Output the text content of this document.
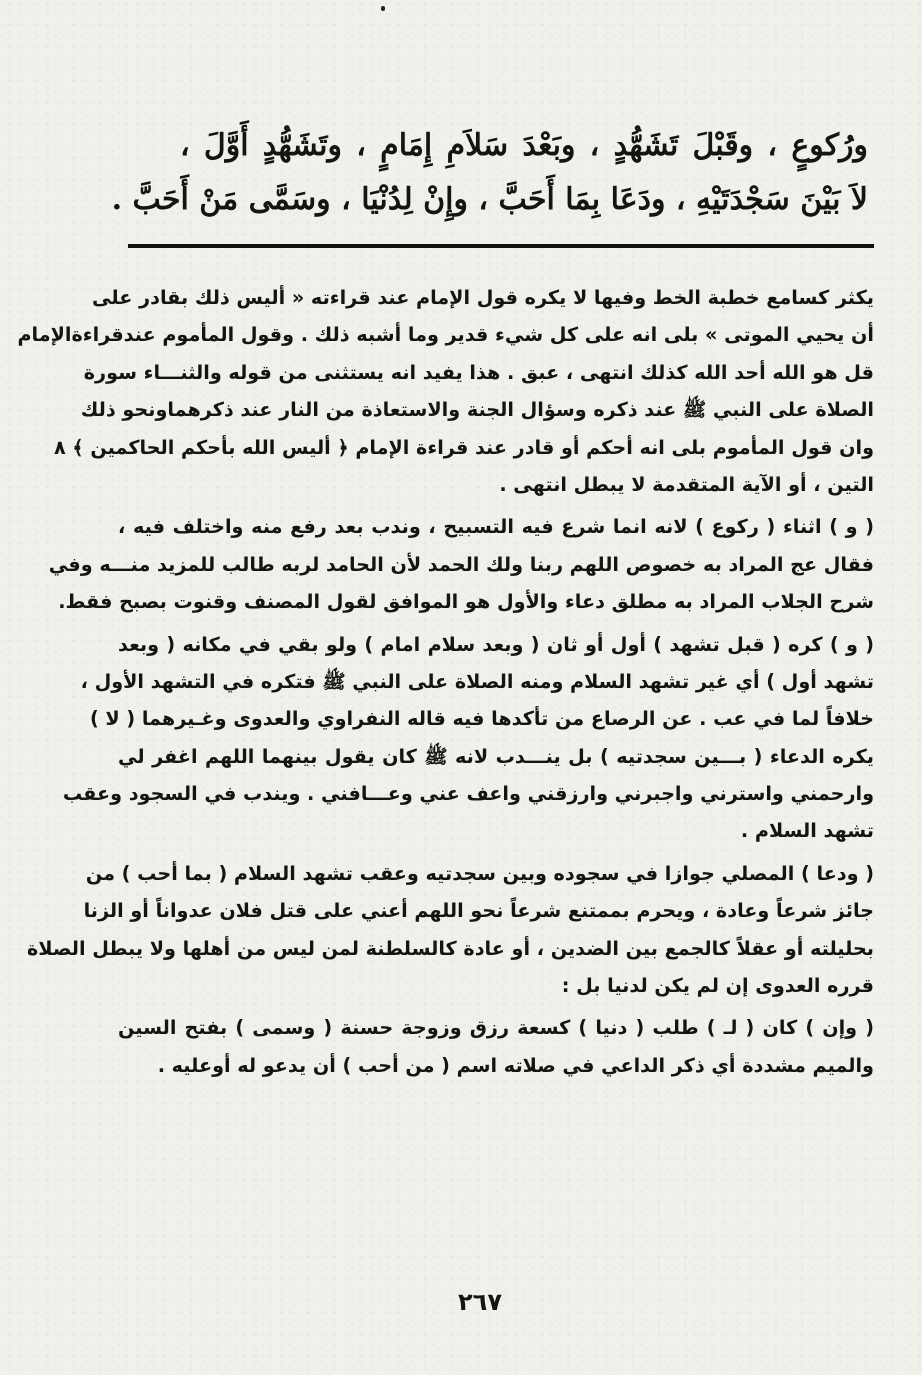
ورُكوعٍ ، وقَبْلَ تَشَهُّدٍ ، وبَعْدَ سَلاَمِ إِمَامٍ ، وتَشَهُّدٍ أَوَّلَ ،
لاَ بَيْنَ سَجْدَتَيْهِ ، ودَعَا بِمَا أَحَبَّ ، وإِنْ لِدُنْيَا ، وسَمَّى مَنْ أَحَبَّ .
يكثر كسامع خطبة الخط وفيها لا يكره قول الإمام عند قراءته « أليس ذلك بقادر على
أن يحيي الموتى » بلى انه على كل شيء قدير وما أشبه ذلك . وقول المأموم عندقراءةالإمام
قل هو الله أحد الله كذلك انتهى ، عبق . هذا يفيد انه يستثنى من قوله والثنـــاء سورة
الصلاة على النبي ﷺ عند ذكره وسؤال الجنة والاستعاذة من النار عند ذكرهماونحو ذلك
وان قول المأموم بلى انه أحكم أو قادر عند قراءة الإمام ﴿ أليس الله بأحكم الحاكمين ﴾ ٨
التين ، أو الآية المتقدمة لا يبطل انتهى .
( و ) اثناء ( ركوع ) لانه انما شرع فيه التسبيح ، وندب بعد رفع منه واختلف فيه ،
فقال عج المراد به خصوص اللهم ربنا ولك الحمد لأن الحامد لربه طالب للمزيد منـــه وفي
شرح الجلاب المراد به مطلق دعاء والأول هو الموافق لقول المصنف وقنوت بصبح فقط.
( و ) كره ( قبل تشهد ) أول أو ثان ( وبعد سلام امام ) ولو بقي في مكانه ( وبعد
تشهد أول ) أي غير تشهد السلام ومنه الصلاة على النبي ﷺ فتكره في التشهد الأول ،
خلافاً لما في عب . عن الرصاع من تأكدها فيه قاله النفراوي والعدوى وغـيرهما ( لا )
يكره الدعاء ( بـــين سجدتيه ) بل ينـــدب لانه ﷺ كان يقول بينهما اللهم اغفر لي
وارحمني واسترني واجبرني وارزقني واعف عني وعـــافني . ويندب في السجود وعقب
تشهد السلام .
( ودعا ) المصلي جوازا في سجوده وبين سجدتيه وعقب تشهد السلام ( بما أحب ) من
جائز شرعاً وعادة ، ويحرم بممتنع شرعاً نحو اللهم أعني على قتل فلان عدواناً أو الزنا
بحليلته أو عقلاً كالجمع بين الضدين ، أو عادة كالسلطنة لمن ليس من أهلها ولا يبطل الصلاة
قرره العدوى إن لم يكن لدنيا بل :
( وإن ) كان ( لـ ) طلب ( دنيا ) كسعة رزق وزوجة حسنة ( وسمى ) بفتح السين
والميم مشددة أي ذكر الداعي في صلاته اسم ( من أحب ) أن يدعو له أوعليه .
٢٦٧
